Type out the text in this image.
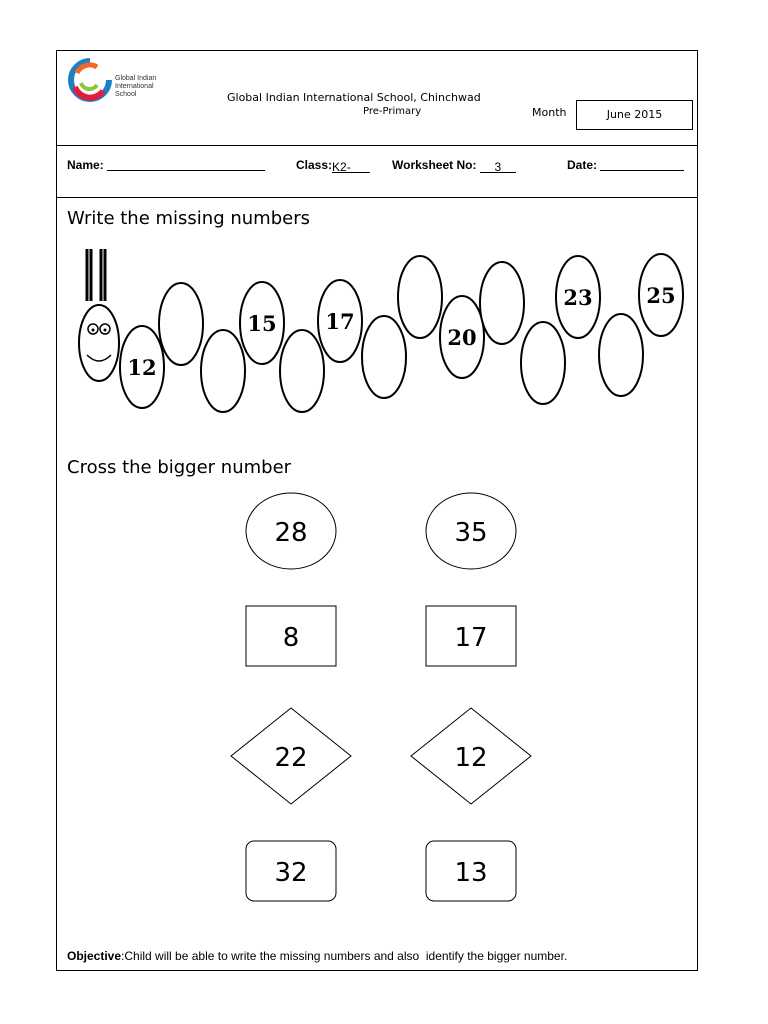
Global Indian
International
School	Global Indian International School, Chinchwad
Pre-Primary	Month	June 2015
Name:	Class:K2-	Worksheet No: 3	Date:
Write the missing numbers
12
15 17
20
23	25
Cross the bigger number
28	35
8	17
22	12
32	13
Objective:Child will be able to write the missing numbers and also  identify the bigger number.
